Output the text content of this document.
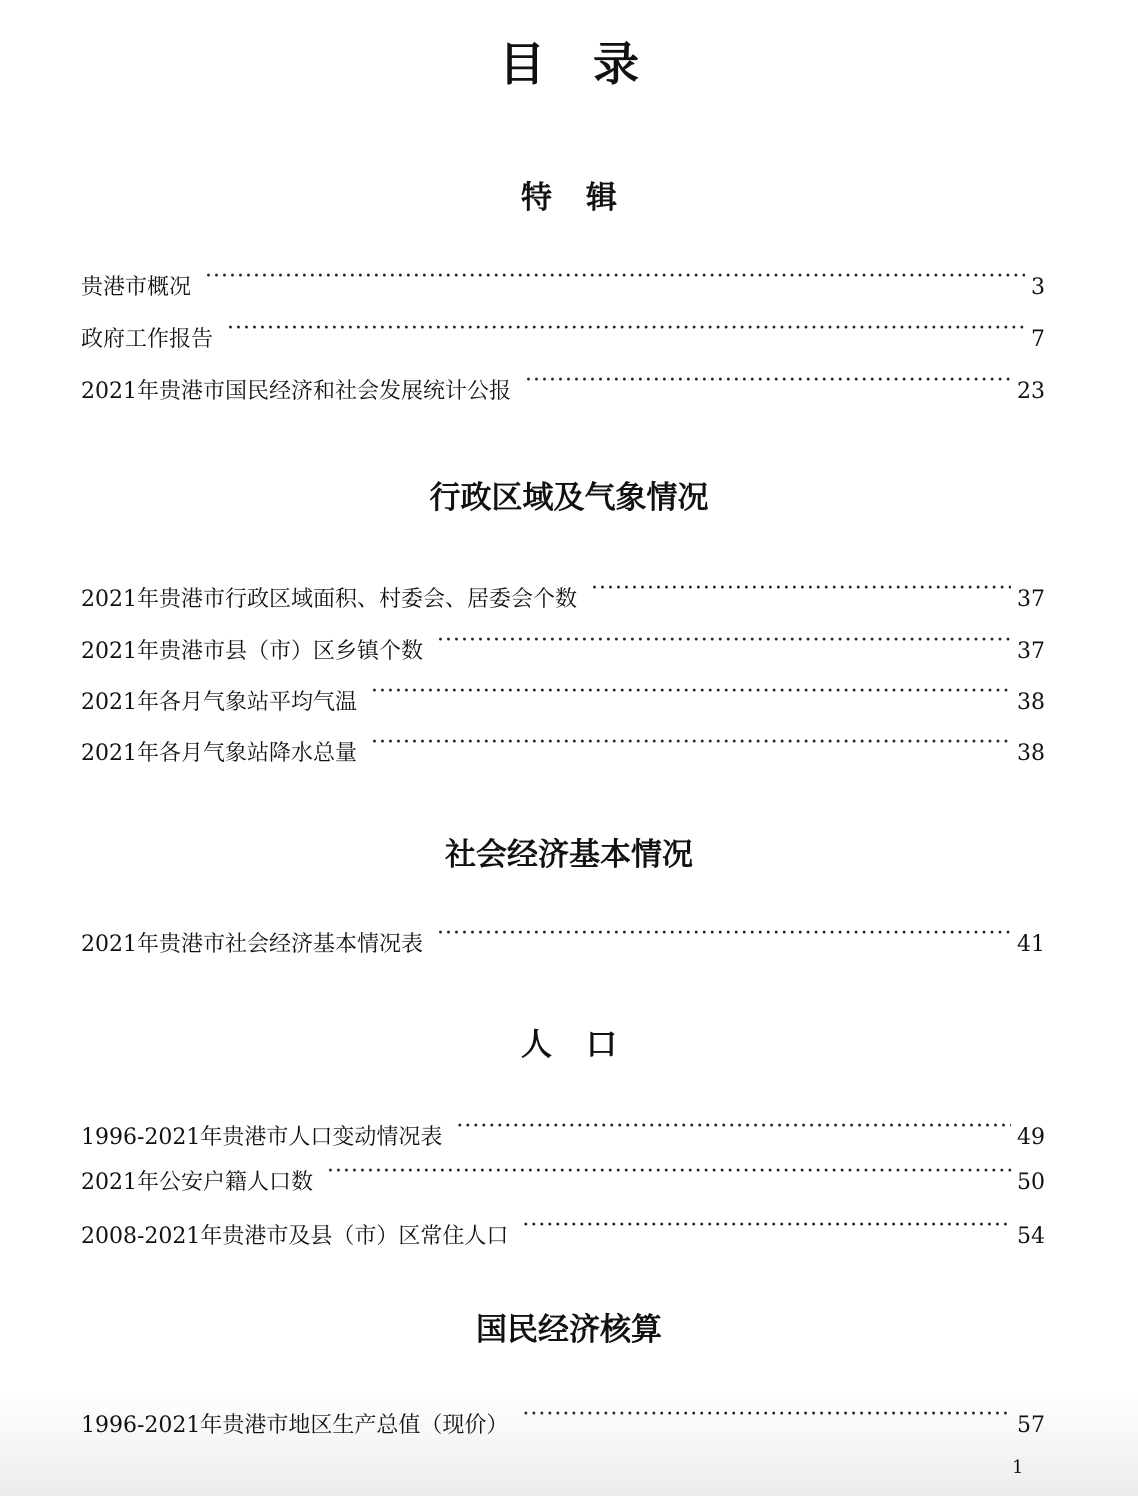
目录
特辑
贵港市概况 ·····	3
政府工作报告 ·····	7
2021年贵港市国民经济和社会发展统计公报 ·····	23
行政区域及气象情况
2021年贵港市行政区域面积、村委会、居委会个数 ·····	37
2021年贵港市县（市）区乡镇个数 ·····	37
2021年各月气象站平均气温 ·····	38
2021年各月气象站降水总量 ·····	38
社会经济基本情况
2021年贵港市社会经济基本情况表 ·····	41
人口
1996-2021年贵港市人口变动情况表 ·····	49
2021年公安户籍人口数 ·····	50
2008-2021年贵港市及县（市）区常住人口 ·····	54
国民经济核算
1996-2021年贵港市地区生产总值（现价） ·····	57
1
